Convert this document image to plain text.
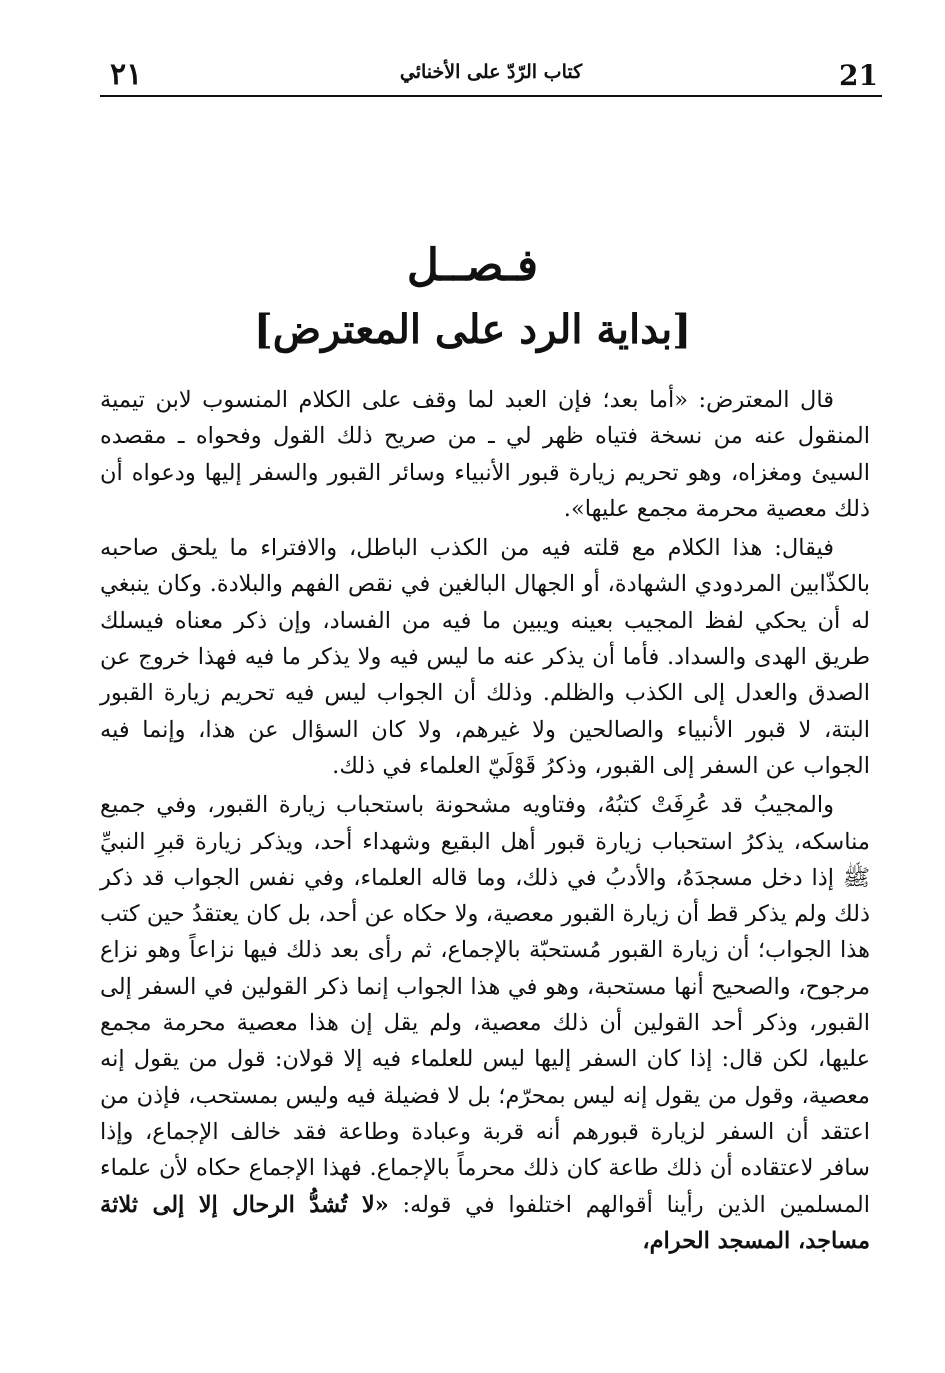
٢١	كتاب الرّدّ على الأخنائي	21
فـصــل
[بداية الرد على المعترض]

قال المعترض: «أما بعد؛ فإن العبد لما وقف على الكلام المنسوب لابن تيمية المنقول عنه من نسخة فتياه ظهر لي ـ من صريح ذلك القول وفحواه ـ مقصده السيئ ومغزاه، وهو تحريم زيارة قبور الأنبياء وسائر القبور والسفر إليها ودعواه أن ذلك معصية محرمة مجمع عليها».

فيقال: هذا الكلام مع قلته فيه من الكذب الباطل، والافتراء ما يلحق صاحبه بالكذّابين المردودي الشهادة، أو الجهال البالغين في نقص الفهم والبلادة. وكان ينبغي له أن يحكي لفظ المجيب بعينه ويبين ما فيه من الفساد، وإن ذكر معناه فيسلك طريق الهدى والسداد. فأما أن يذكر عنه ما ليس فيه ولا يذكر ما فيه فهذا خروج عن الصدق والعدل إلى الكذب والظلم. وذلك أن الجواب ليس فيه تحريم زيارة القبور البتة، لا قبور الأنبياء والصالحين ولا غيرهم، ولا كان السؤال عن هذا، وإنما فيه الجواب عن السفر إلى القبور، وذكرُ قَوْلَيّ العلماء في ذلك.

والمجيبُ قد عُرِفَتْ كتبُهُ، وفتاويه مشحونة باستحباب زيارة القبور، وفي جميع مناسكه، يذكرُ استحباب زيارة قبور أهل البقيع وشهداء أحد، ويذكر زيارة قبرِ النبيِّ ﷺ إذا دخل مسجدَهُ، والأدبُ في ذلك، وما قاله العلماء، وفي نفس الجواب قد ذكر ذلك ولم يذكر قط أن زيارة القبور معصية، ولا حكاه عن أحد، بل كان يعتقدُ حين كتب هذا الجواب؛ أن زيارة القبور مُستحبّة بالإجماع، ثم رأى بعد ذلك فيها نزاعاً وهو نزاع مرجوح، والصحيح أنها مستحبة، وهو في هذا الجواب إنما ذكر القولين في السفر إلى القبور، وذكر أحد القولين أن ذلك معصية، ولم يقل إن هذا معصية محرمة مجمع عليها، لكن قال: إذا كان السفر إليها ليس للعلماء فيه إلا قولان: قول من يقول إنه معصية، وقول من يقول إنه ليس بمحرّم؛ بل لا فضيلة فيه وليس بمستحب، فإذن من اعتقد أن السفر لزيارة قبورهم أنه قربة وعبادة وطاعة فقد خالف الإجماع، وإذا سافر لاعتقاده أن ذلك طاعة كان ذلك محرماً بالإجماع. فهذا الإجماع حكاه لأن علماء المسلمين الذين رأينا أقوالهم اختلفوا في قوله: «لا تُشدُّ الرحال إلا إلى ثلاثة مساجد، المسجد الحرام،
